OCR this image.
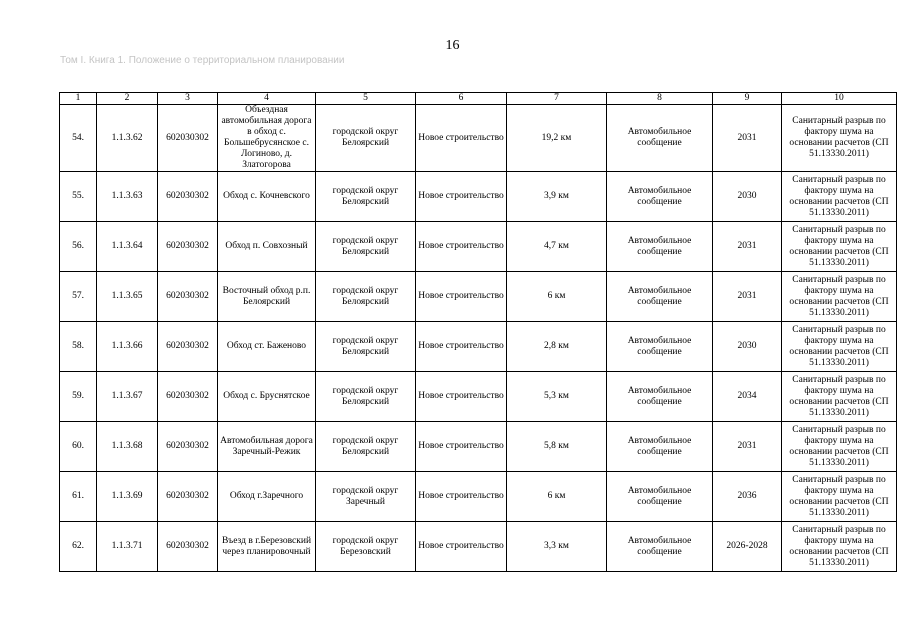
16
Том I. Книга 1. Положение о территориальном планировании
1	2	3	4	5	6	7	8	9	10
54.	1.1.3.62	602030302	Объездная автомобильная дорога в обход с. Большебрусянское с. Логиново, д. Златогорова	городской округ Белоярский	Новое строительство	19,2 км	Автомобильное сообщение	2031	Санитарный разрыв по фактору шума на основании расчетов (СП 51.13330.2011)
55.	1.1.3.63	602030302	Обход с. Кочневского	городской округ Белоярский	Новое строительство	3,9 км	Автомобильное сообщение	2030	Санитарный разрыв по фактору шума на основании расчетов (СП 51.13330.2011)
56.	1.1.3.64	602030302	Обход п. Совхозный	городской округ Белоярский	Новое строительство	4,7 км	Автомобильное сообщение	2031	Санитарный разрыв по фактору шума на основании расчетов (СП 51.13330.2011)
57.	1.1.3.65	602030302	Восточный обход р.п. Белоярский	городской округ Белоярский	Новое строительство	6 км	Автомобильное сообщение	2031	Санитарный разрыв по фактору шума на основании расчетов (СП 51.13330.2011)
58.	1.1.3.66	602030302	Обход ст. Баженово	городской округ Белоярский	Новое строительство	2,8 км	Автомобильное сообщение	2030	Санитарный разрыв по фактору шума на основании расчетов (СП 51.13330.2011)
59.	1.1.3.67	602030302	Обход с. Бруснятское	городской округ Белоярский	Новое строительство	5,3 км	Автомобильное сообщение	2034	Санитарный разрыв по фактору шума на основании расчетов (СП 51.13330.2011)
60.	1.1.3.68	602030302	Автомобильная дорога Заречный-Режик	городской округ Белоярский	Новое строительство	5,8 км	Автомобильное сообщение	2031	Санитарный разрыв по фактору шума на основании расчетов (СП 51.13330.2011)
61.	1.1.3.69	602030302	Обход г.Заречного	городской округ Заречный	Новое строительство	6 км	Автомобильное сообщение	2036	Санитарный разрыв по фактору шума на основании расчетов (СП 51.13330.2011)
62.	1.1.3.71	602030302	Въезд в г.Березовский через планировочный	городской округ Березовский	Новое строительство	3,3 км	Автомобильное сообщение	2026-2028	Санитарный разрыв по фактору шума на основании расчетов (СП 51.13330.2011)
